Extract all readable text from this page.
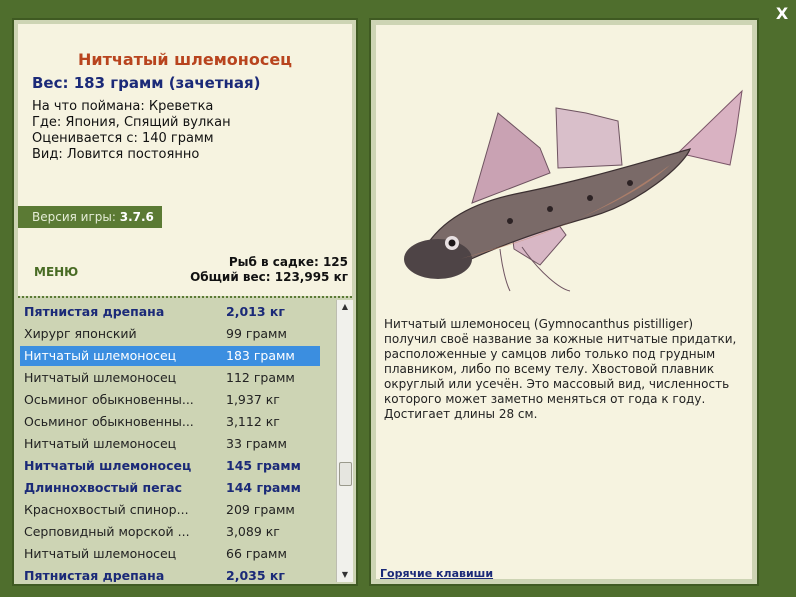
X
Нитчатый шлемоносец
Вес: 183 грамм (зачетная)
На что поймана: Креветка
Где: Япония, Спящий вулкан
Оцениваетcя с: 140 грамм
Вид: Ловится постоянно
Версия игры: 3.7.6
МЕНЮ
Рыб в садке: 125
Общий вес: 123,995 кг
Пятнистая дрепана	2,013 кг
Хирург японский	99 грамм
Нитчатый шлемоносец	183 грамм
Нитчатый шлемоносец	112 грамм
Осьминог обыкновенны...	1,937 кг
Осьминог обыкновенны...	3,112 кг
Нитчатый шлемоносец	33 грамм
Нитчатый шлемоносец	145 грамм
Длиннохвостый пегас	144 грамм
Краснохвостый спинор...	209 грамм
Серповидный морской ...	3,089 кг
Нитчатый шлемоносец	66 грамм
Пятнистая дрепана	2,035 кг
▲
▼
Нитчатый шлемоносец (Gymnocanthus pistilliger) получил своё название за кожные нитчатые придатки, расположенные у самцов либо только под грудным плавником, либо по всему телу. Хвостовой плавник округлый или усечён. Это массовый вид, численность которого может заметно меняться от года к году. Достигает длины 28 см.
Горячие клавиши
